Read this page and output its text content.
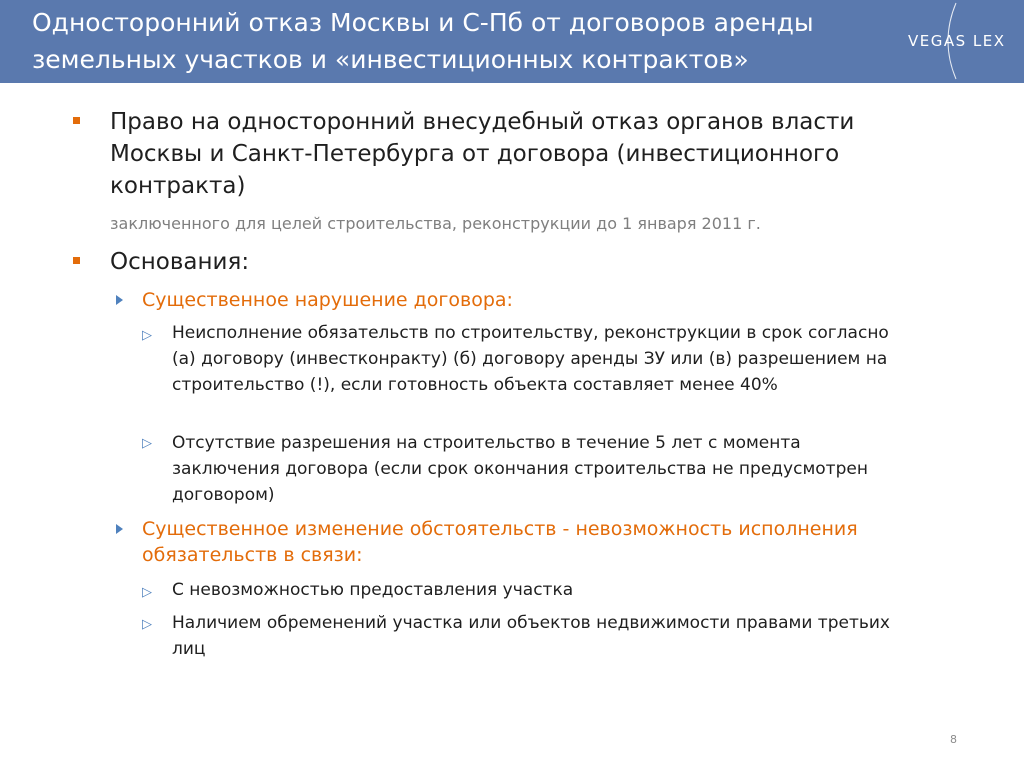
Односторонний отказ Москвы и С-Пб от договоров аренды земельных участков и «инвестиционных контрактов»
VEGAS LEX
Право на односторонний внесудебный отказ органов власти Москвы и Санкт-Петербурга от договора (инвестиционного контракта)
заключенного для целей строительства, реконструкции до 1 января 2011 г.
Основания:
Существенное нарушение договора:
▷ Неисполнение обязательств по строительству, реконструкции в срок согласно (а) договору (инвестконракту) (б) договору аренды ЗУ или (в) разрешением на строительство (!), если готовность объекта составляет менее 40%
▷ Отсутствие разрешения на строительство в течение 5 лет с момента заключения договора (если срок окончания строительства не предусмотрен договором)
Существенное изменение обстоятельств - невозможность исполнения обязательств в связи:
▷ С невозможностью предоставления участка
▷ Наличием обременений участка или объектов недвижимости правами третьих лиц
8
